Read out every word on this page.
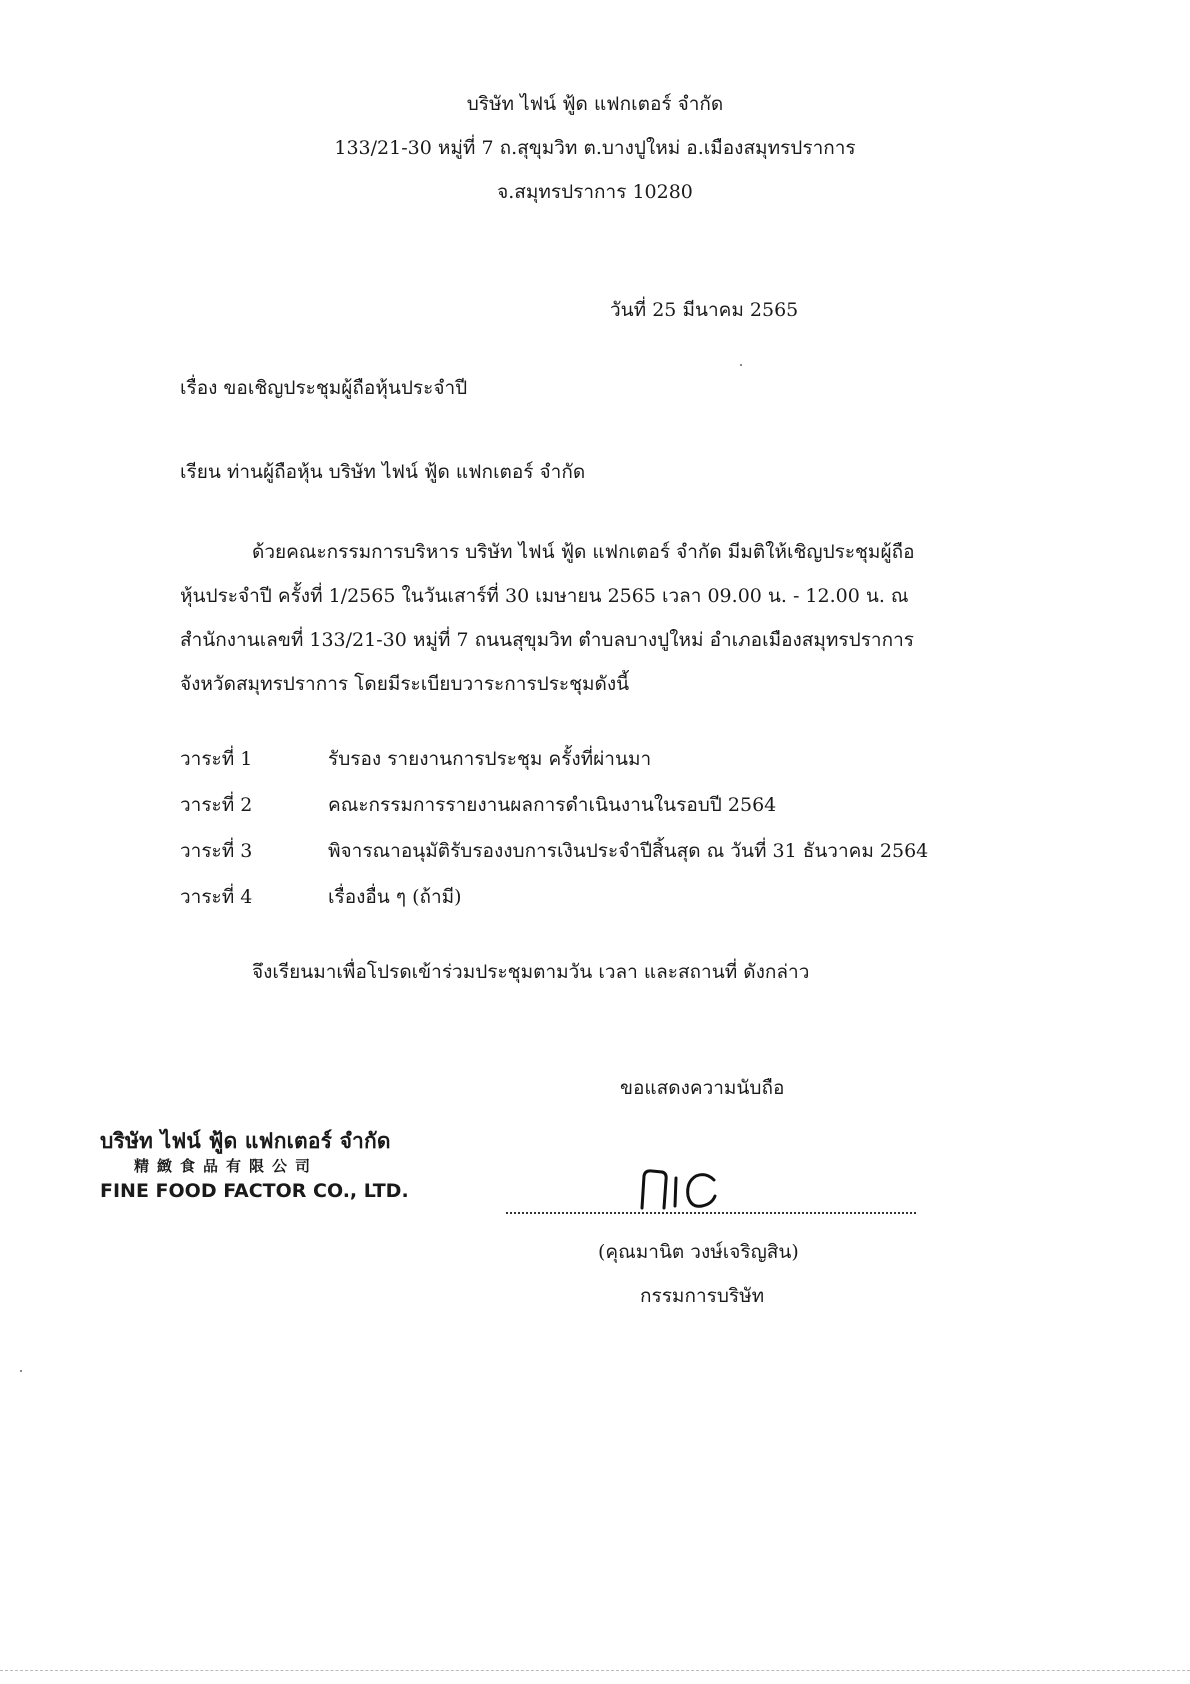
บริษัท ไฟน์ ฟู้ด แฟกเตอร์ จำกัด
133/21-30 หมู่ที่ 7 ถ.สุขุมวิท ต.บางปูใหม่ อ.เมืองสมุทรปราการ
จ.สมุทรปราการ 10280
วันที่ 25 มีนาคม 2565
เรื่อง ขอเชิญประชุมผู้ถือหุ้นประจำปี
เรียน ท่านผู้ถือหุ้น บริษัท ไฟน์ ฟู้ด แฟกเตอร์ จำกัด
ด้วยคณะกรรมการบริหาร บริษัท ไฟน์ ฟู้ด แฟกเตอร์ จำกัด มีมติให้เชิญประชุมผู้ถือ
หุ้นประจำปี ครั้งที่ 1/2565 ในวันเสาร์ที่ 30 เมษายน 2565 เวลา 09.00 น. - 12.00 น. ณ
สำนักงานเลขที่ 133/21-30 หมู่ที่ 7 ถนนสุขุมวิท ตำบลบางปูใหม่ อำเภอเมืองสมุทรปราการ
จังหวัดสมุทรปราการ โดยมีระเบียบวาระการประชุมดังนี้
วาระที่ 1	รับรอง รายงานการประชุม ครั้งที่ผ่านมา
วาระที่ 2	คณะกรรมการรายงานผลการดำเนินงานในรอบปี 2564
วาระที่ 3	พิจารณาอนุมัติรับรองงบการเงินประจำปีสิ้นสุด ณ วันที่ 31 ธันวาคม 2564
วาระที่ 4	เรื่องอื่น ๆ (ถ้ามี)
จึงเรียนมาเพื่อโปรดเข้าร่วมประชุมตามวัน เวลา และสถานที่ ดังกล่าว
ขอแสดงความนับถือ
บริษัท ไฟน์ ฟู้ด แฟกเตอร์ จำกัด
精緻食品有限公司
FINE FOOD FACTOR CO., LTD.
(คุณมานิต วงษ์เจริญสิน)
กรรมการบริษัท
